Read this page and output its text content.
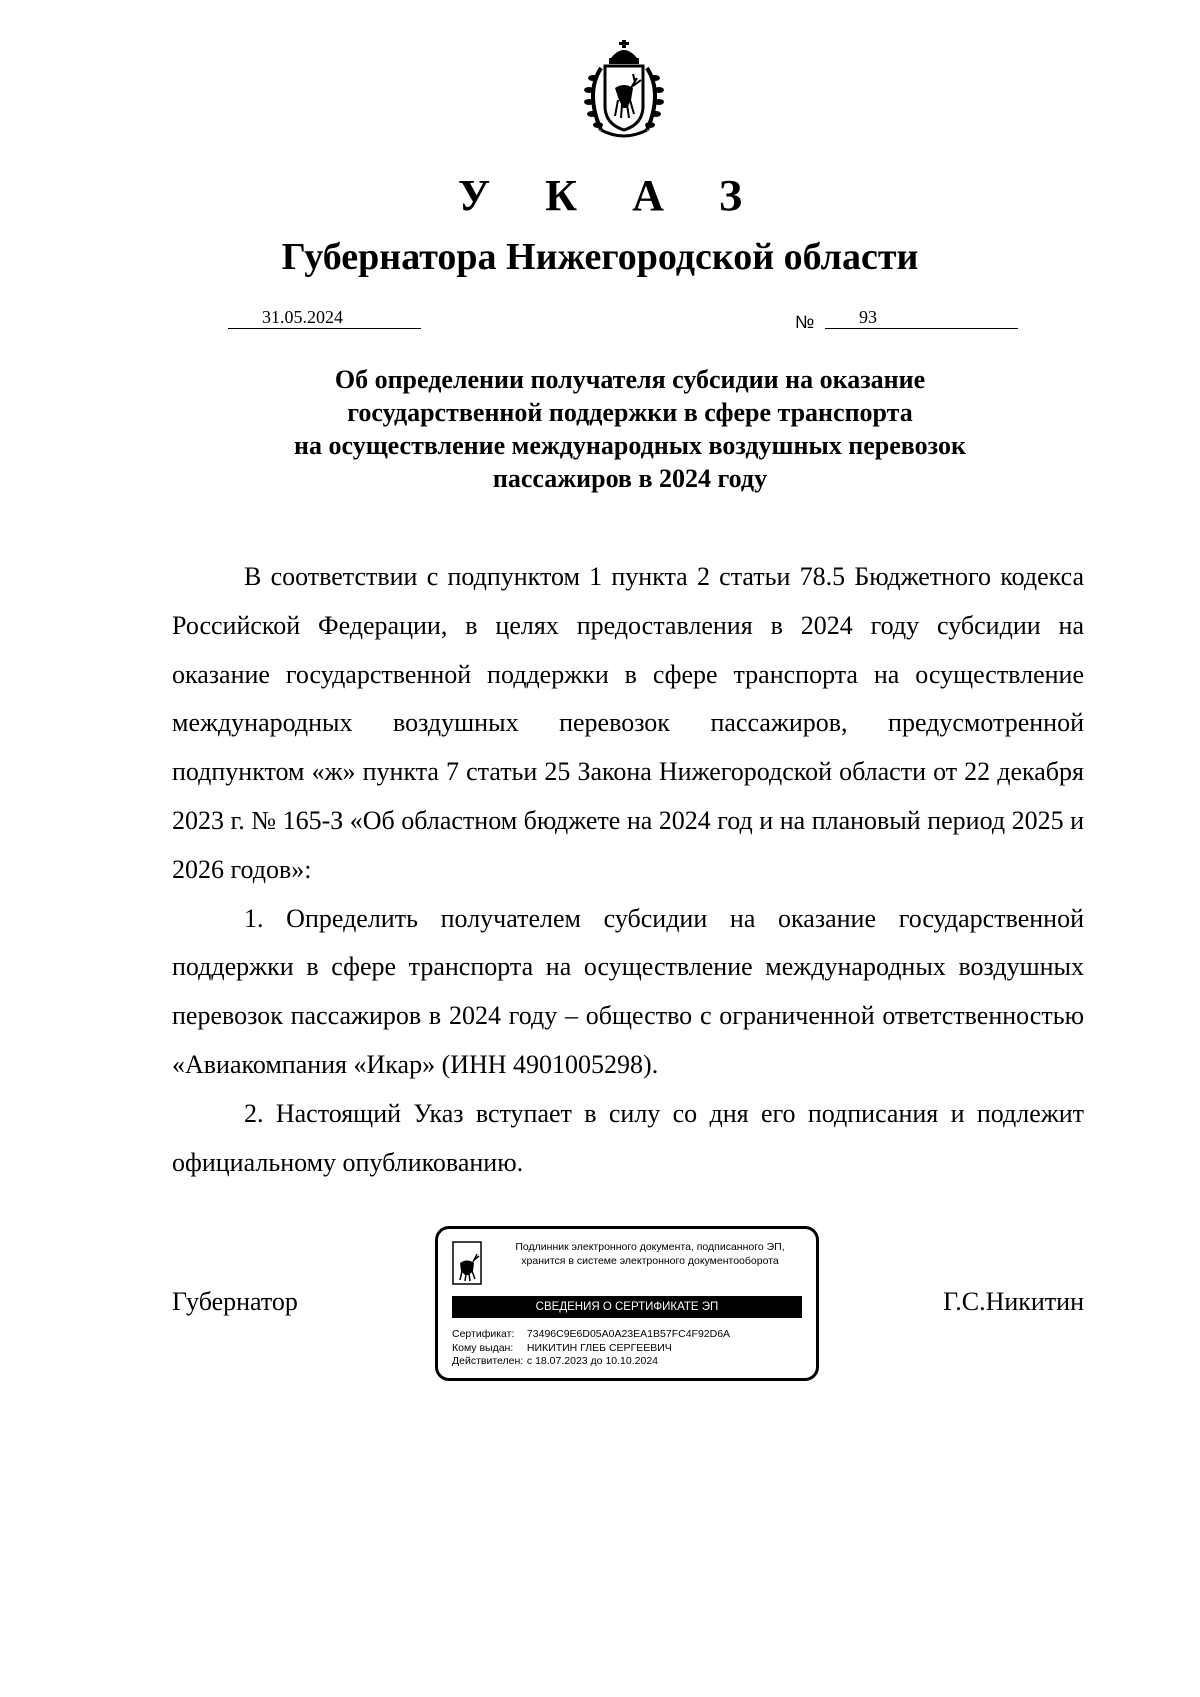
У К А З
Губернатора Нижегородской области
31.05.2024	№	93
Об определении получателя субсидии на оказание
государственной поддержки в сфере транспорта
на осуществление международных воздушных перевозок
пассажиров в 2024 году

В соответствии с подпунктом 1 пункта 2 статьи 78.5 Бюджетного кодекса Российской Федерации, в целях предоставления в 2024 году субсидии на оказание государственной поддержки в сфере транспорта на осуществление международных воздушных перевозок пассажиров, предусмотренной подпунктом «ж» пункта 7 статьи 25 Закона Нижегородской области от 22 декабря 2023 г. № 165-З «Об областном бюджете на 2024 год и на плановый период 2025 и 2026 годов»:

1. Определить получателем субсидии на оказание государственной поддержки в сфере транспорта на осуществление международных воздушных перевозок пассажиров в 2024 году – общество с ограниченной ответственностью «Авиакомпания «Икар» (ИНН 4901005298).

2. Настоящий Указ вступает в силу со дня его подписания и подлежит официальному опубликованию.

Губернатор	Г.С.Никитин
Подлинник электронного документа, подписанного ЭП,
хранится в системе электронного документооборота
СВЕДЕНИЯ О СЕРТИФИКАТЕ ЭП
Сертификат: 73496C9E6D05A0A23EA1B57FC4F92D6A
Кому выдан: НИКИТИН ГЛЕБ СЕРГЕЕВИЧ
Действителен: с 18.07.2023 до 10.10.2024
